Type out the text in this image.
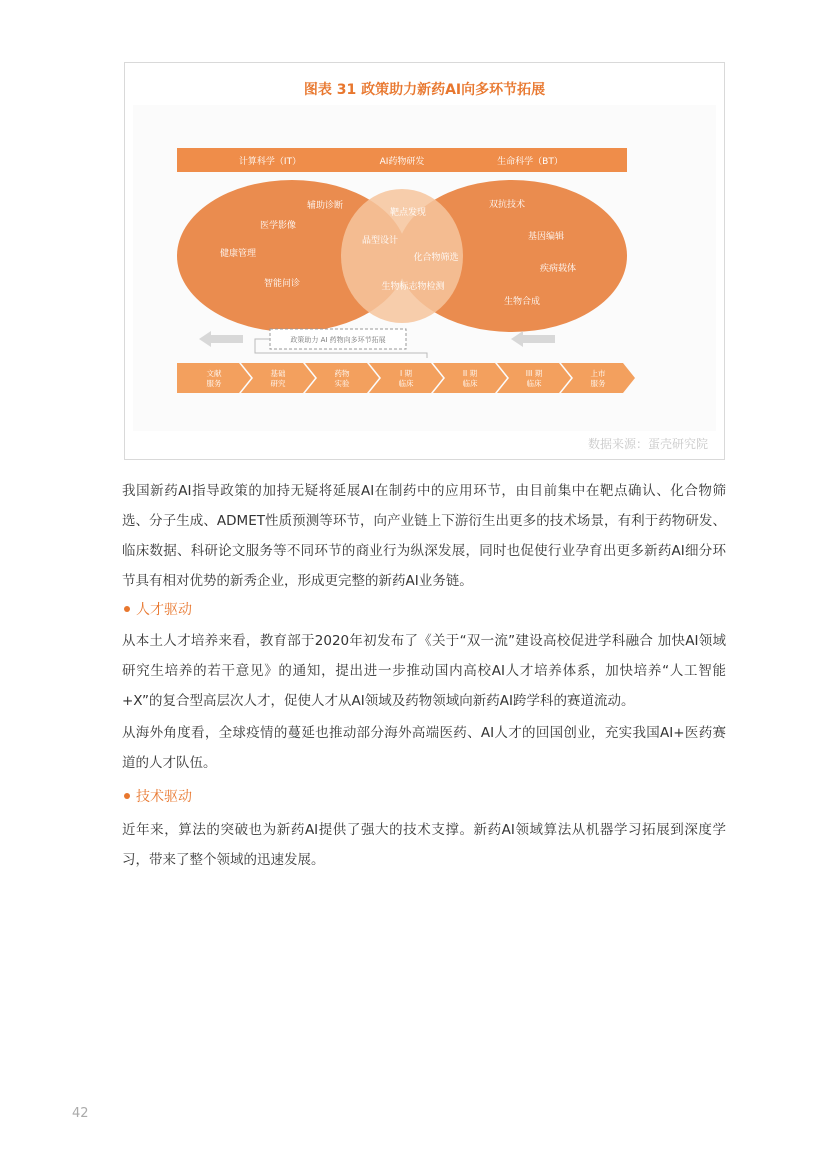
图表 31 政策助力新药AI向多环节拓展
计算科学（IT）	AI药物研发	生命科学（BT）
辅助诊断
医学影像
健康管理
智能问诊
靶点发现
晶型设计
化合物筛选
生物标志物检测
双抗技术
基因编辑
疾病载体
生物合成
政策助力 AI 药物向多环节拓展
文献
服务
基础
研究
药物
实验
I 期
临床
II 期
临床
III 期
临床
上市
服务
数据来源：蛋壳研究院
我国新药AI指导政策的加持无疑将延展AI在制药中的应用环节，由目前集中在靶点确认、化合物筛选、分子生成、ADMET性质预测等环节，向产业链上下游衍生出更多的技术场景，有利于药物研发、临床数据、科研论文服务等不同环节的商业行为纵深发展，同时也促使行业孕育出更多新药AI细分环节具有相对优势的新秀企业，形成更完整的新药AI业务链。
人才驱动
从本土人才培养来看，教育部于2020年初发布了《关于“双一流”建设高校促进学科融合 加快AI领域研究生培养的若干意见》的通知，提出进一步推动国内高校AI人才培养体系，加快培养“人工智能+X”的复合型高层次人才，促使人才从AI领域及药物领域向新药AI跨学科的赛道流动。
从海外角度看，全球疫情的蔓延也推动部分海外高端医药、AI人才的回国创业，充实我国AI+医药赛道的人才队伍。
技术驱动
近年来，算法的突破也为新药AI提供了强大的技术支撑。新药AI领域算法从机器学习拓展到深度学习，带来了整个领域的迅速发展。
42
